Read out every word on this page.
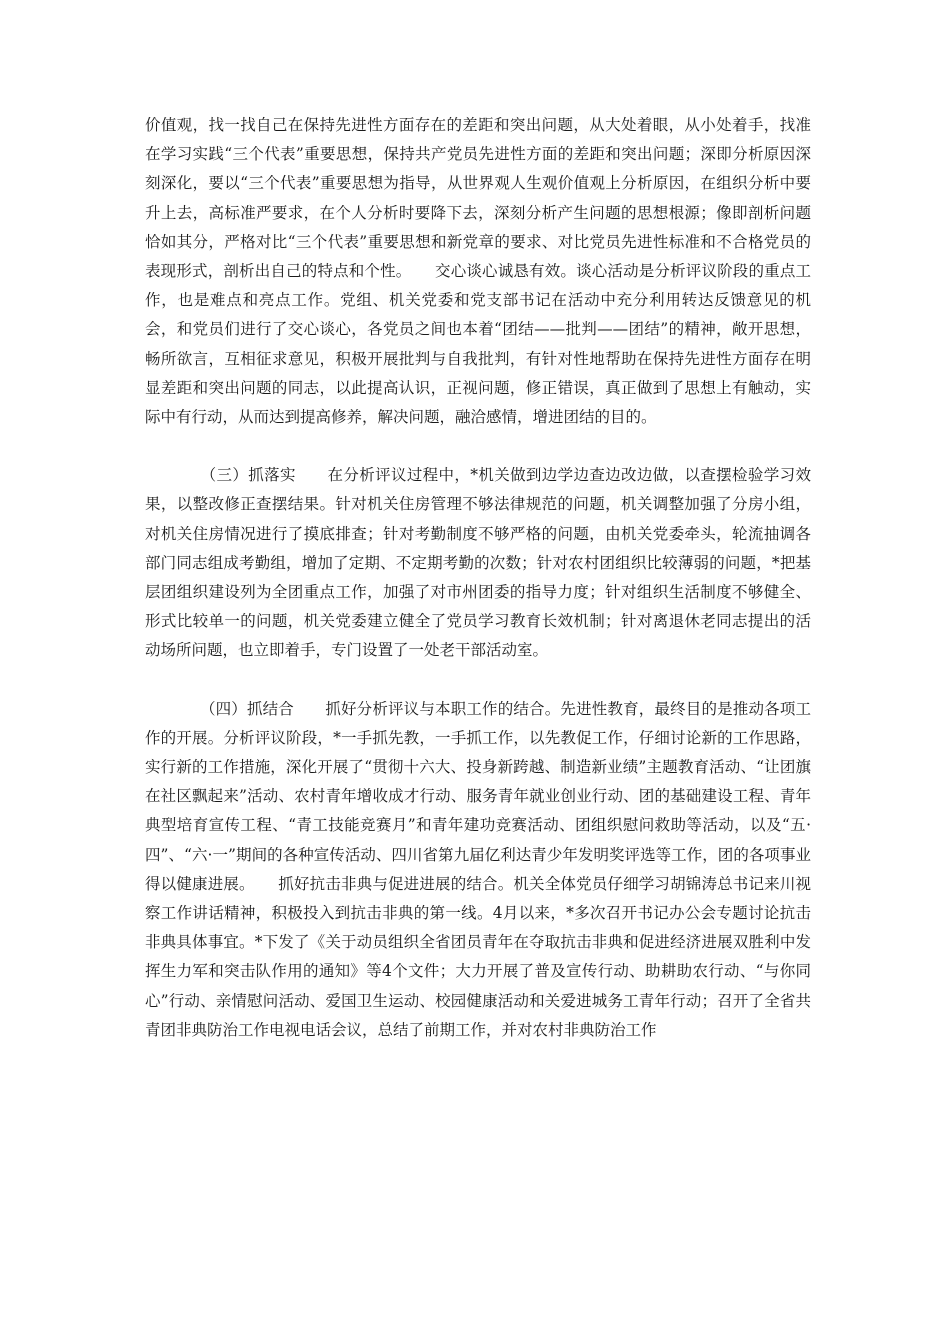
价值观，找一找自己在保持先进性方面存在的差距和突出问题，从大处着眼，从小处着手，找准在学习实践“三个代表”重要思想，保持共产党员先进性方面的差距和突出问题；深即分析原因深刻深化，要以“三个代表”重要思想为指导，从世界观人生观价值观上分析原因，在组织分析中要升上去，高标准严要求，在个人分析时要降下去，深刻分析产生问题的思想根源；像即剖析问题恰如其分，严格对比“三个代表”重要思想和新党章的要求、对比党员先进性标准和不合格党员的表现形式，剖析出自己的特点和个性。　　交心谈心诚恳有效。谈心活动是分析评议阶段的重点工作，也是难点和亮点工作。党组、机关党委和党支部书记在活动中充分利用转达反馈意见的机会，和党员们进行了交心谈心，各党员之间也本着“团结——批判——团结”的精神，敞开思想，畅所欲言，互相征求意见，积极开展批判与自我批判，有针对性地帮助在保持先进性方面存在明显差距和突出问题的同志，以此提高认识，正视问题，修正错误，真正做到了思想上有触动，实际中有行动，从而达到提高修养，解决问题，融洽感情，增进团结的目的。

　　　　（三）抓落实　　在分析评议过程中，*机关做到边学边查边改边做，以查摆检验学习效果，以整改修正查摆结果。针对机关住房管理不够法律规范的问题，机关调整加强了分房小组，对机关住房情况进行了摸底排查；针对考勤制度不够严格的问题，由机关党委牵头，轮流抽调各部门同志组成考勤组，增加了定期、不定期考勤的次数；针对农村团组织比较薄弱的问题，*把基层团组织建设列为全团重点工作，加强了对市州团委的指导力度；针对组织生活制度不够健全、形式比较单一的问题，机关党委建立健全了党员学习教育长效机制；针对离退休老同志提出的活动场所问题，也立即着手，专门设置了一处老干部活动室。

　　　　（四）抓结合　　抓好分析评议与本职工作的结合。先进性教育，最终目的是推动各项工作的开展。分析评议阶段，*一手抓先教，一手抓工作，以先教促工作，仔细讨论新的工作思路，实行新的工作措施，深化开展了“贯彻十六大、投身新跨越、制造新业绩”主题教育活动、“让团旗在社区飘起来”活动、农村青年增收成才行动、服务青年就业创业行动、团的基础建设工程、青年典型培育宣传工程、“青工技能竞赛月”和青年建功竞赛活动、团组织慰问救助等活动，以及“五·四”、“六·一”期间的各种宣传活动、四川省第九届亿利达青少年发明奖评选等工作，团的各项事业得以健康进展。　　抓好抗击非典与促进进展的结合。机关全体党员仔细学习胡锦涛总书记来川视察工作讲话精神，积极投入到抗击非典的第一线。4月以来，*多次召开书记办公会专题讨论抗击非典具体事宜。*下发了《关于动员组织全省团员青年在夺取抗击非典和促进经济进展双胜利中发挥生力军和突击队作用的通知》等4个文件；大力开展了普及宣传行动、助耕助农行动、“与你同心”行动、亲情慰问活动、爱国卫生运动、校园健康活动和关爱进城务工青年行动；召开了全省共青团非典防治工作电视电话会议，总结了前期工作，并对农村非典防治工作
